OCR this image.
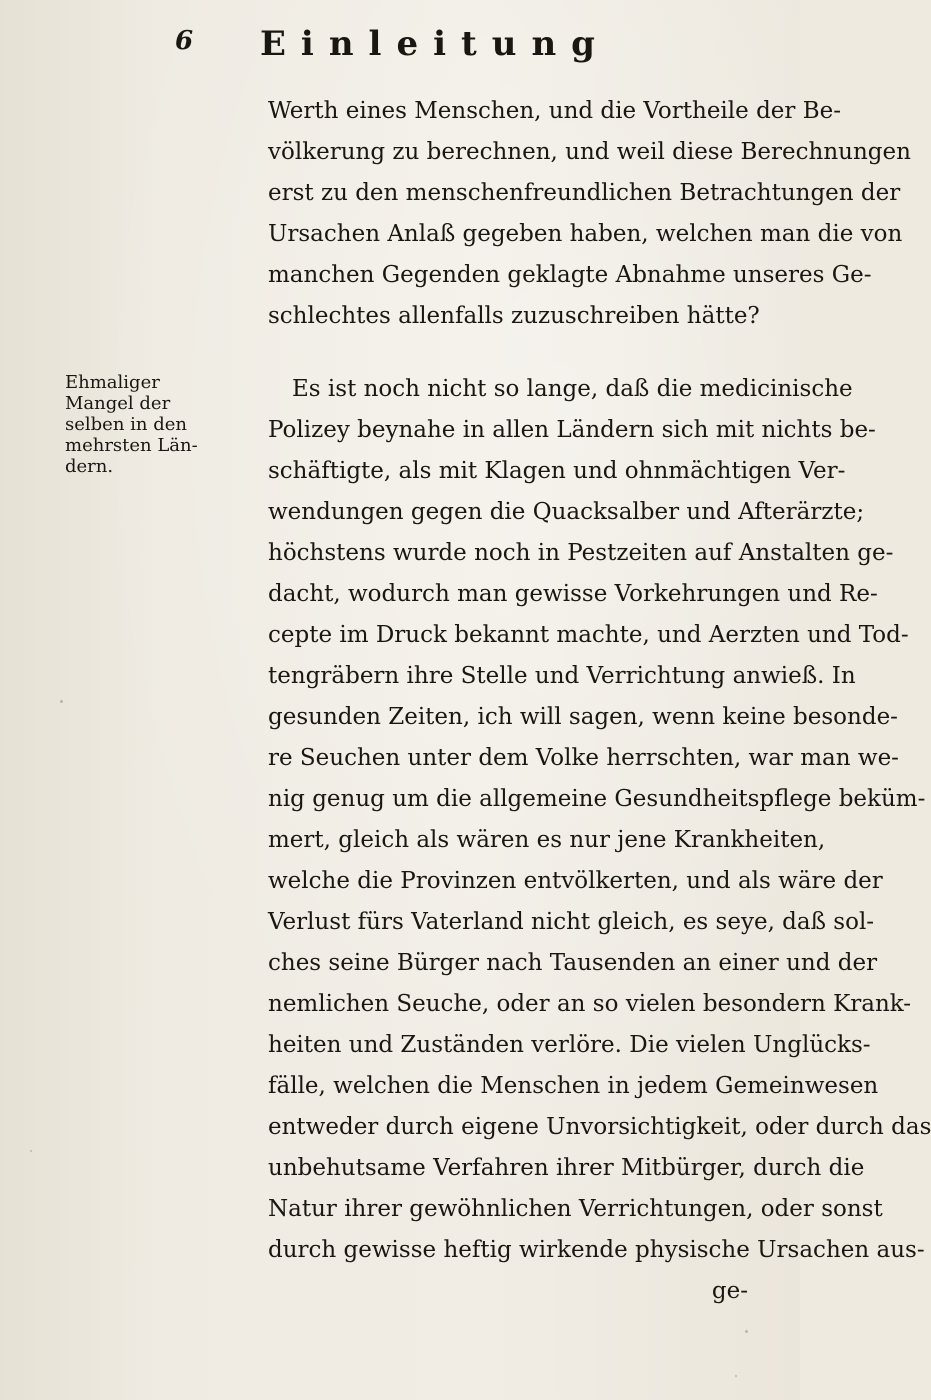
6 Einleitung
Werth eines Menschen, und die Vortheile der Be-
völkerung zu berechnen, und weil diese Berechnungen
erst zu den menschenfreundlichen Betrachtungen der
Ursachen Anlaß gegeben haben, welchen man die von
manchen Gegenden geklagte Abnahme unseres Ge-
schlechtes allenfalls zuzuschreiben hätte?
Es ist noch nicht so lange, daß die medicinische
Polizey beynahe in allen Ländern sich mit nichts be-
schäftigte, als mit Klagen und ohnmächtigen Ver-
wendungen gegen die Quacksalber und Afterärzte;
höchstens wurde noch in Pestzeiten auf Anstalten ge-
dacht, wodurch man gewisse Vorkehrungen und Re-
cepte im Druck bekannt machte, und Aerzten und Tod-
tengräbern ihre Stelle und Verrichtung anwieß. In
gesunden Zeiten, ich will sagen, wenn keine besonde-
re Seuchen unter dem Volke herrschten, war man we-
nig genug um die allgemeine Gesundheitspflege beküm-
mert, gleich als wären es nur jene Krankheiten,
welche die Provinzen entvölkerten, und als wäre der
Verlust fürs Vaterland nicht gleich, es seye, daß sol-
ches seine Bürger nach Tausenden an einer und der
nemlichen Seuche, oder an so vielen besondern Krank-
heiten und Zuständen verlöre. Die vielen Unglücks-
fälle, welchen die Menschen in jedem Gemeinwesen
entweder durch eigene Unvorsichtigkeit, oder durch das
unbehutsame Verfahren ihrer Mitbürger, durch die
Natur ihrer gewöhnlichen Verrichtungen, oder sonst
durch gewisse heftig wirkende physische Ursachen aus-
ge-
Ehmaliger
Mangel der
selben in den
mehrsten Län-
dern.
